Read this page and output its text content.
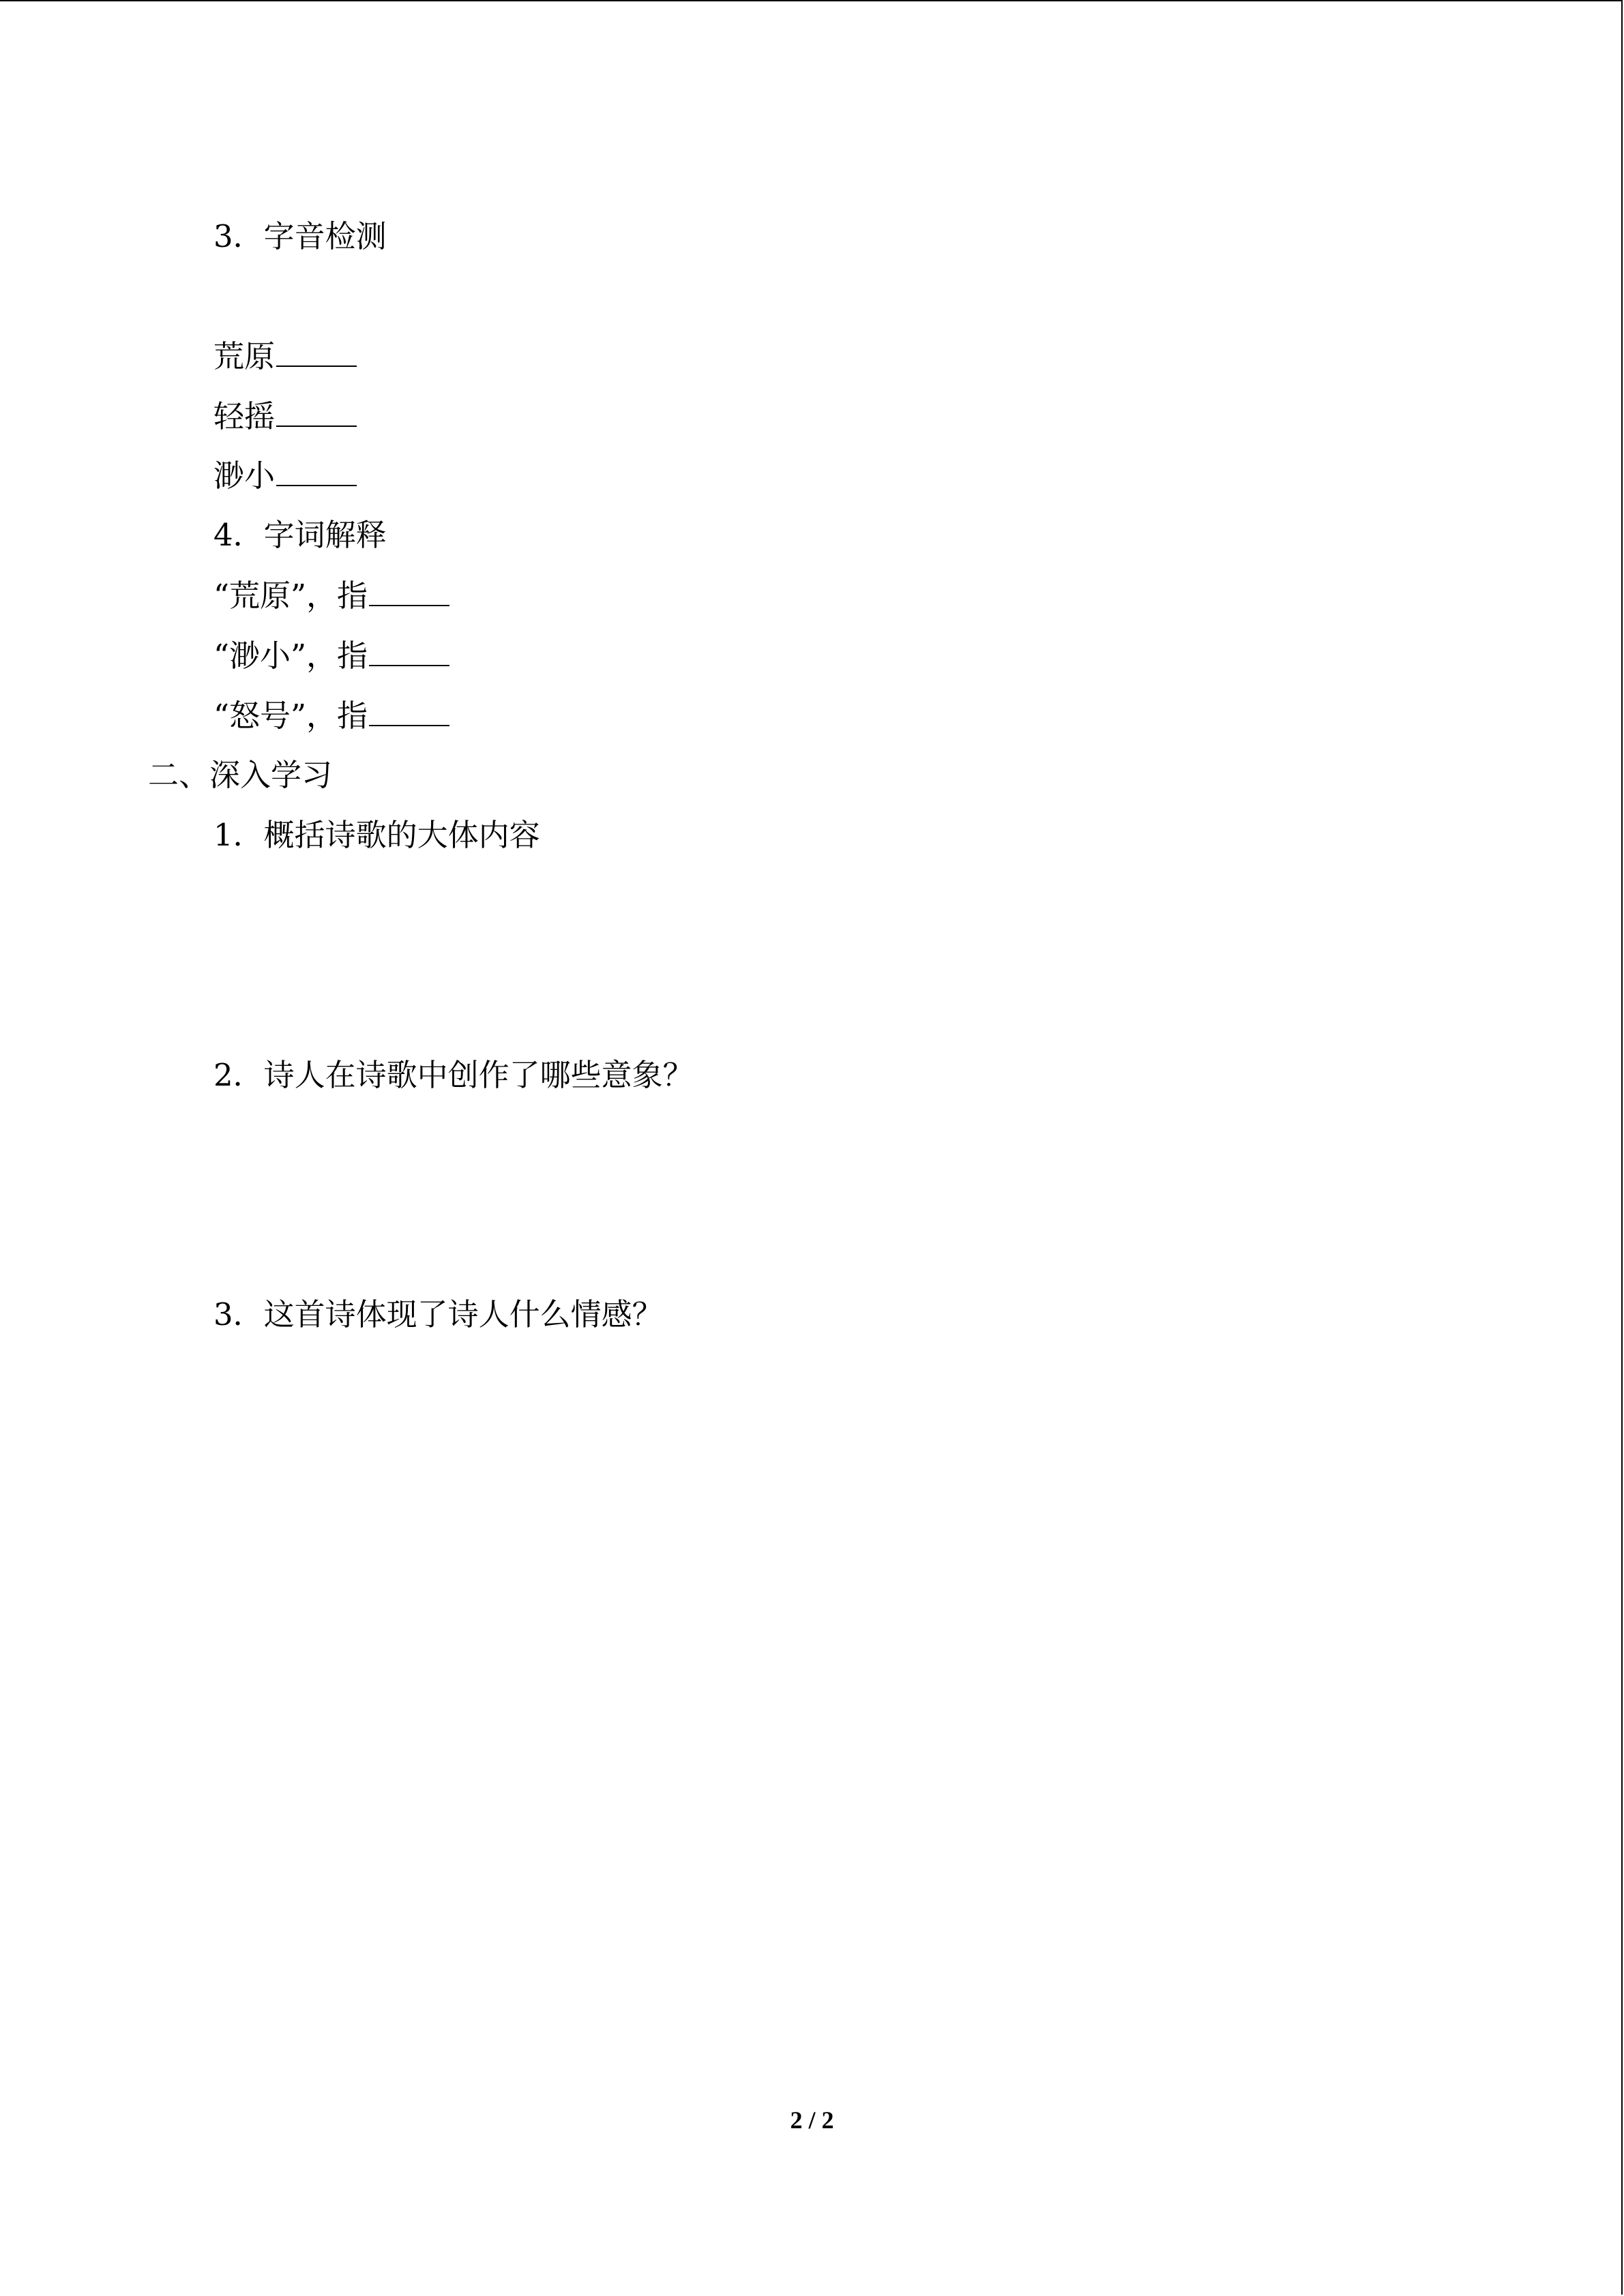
3．字音检测
荒原
轻摇
渺小
4．字词解释
“荒原”，指
“渺小”，指
“怒号”，指
二、深入学习
1．概括诗歌的大体内容
2．诗人在诗歌中创作了哪些意象？
3．这首诗体现了诗人什么情感？
2 / 2
